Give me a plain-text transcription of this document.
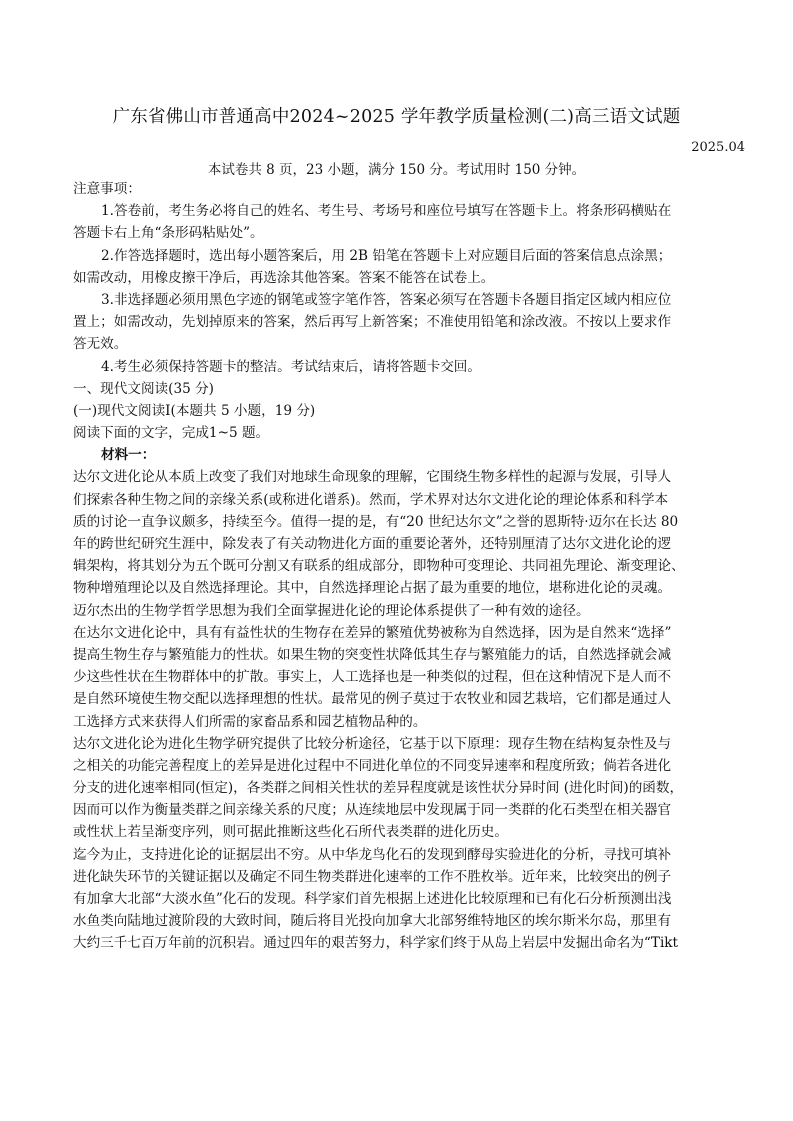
广东省佛山市普通高中2024~2025 学年教学质量检测(二)高三语文试题
2025.04
本试卷共 8 页，23 小题，满分 150 分。考试用时 150 分钟。
注意事项：
1.答卷前，考生务必将自己的姓名、考生号、考场号和座位号填写在答题卡上。将条形码横贴在
答题卡右上角“条形码粘贴处”。
2.作答选择题时，选出每小题答案后，用 2B 铅笔在答题卡上对应题目后面的答案信息点涂黑；
如需改动，用橡皮擦干净后，再选涂其他答案。答案不能答在试卷上。
3.非选择题必须用黑色字迹的钢笔或签字笔作答，答案必须写在答题卡各题目指定区域内相应位
置上；如需改动，先划掉原来的答案，然后再写上新答案；不准使用铅笔和涂改液。不按以上要求作
答无效。
4.考生必须保持答题卡的整洁。考试结束后，请将答题卡交回。
一、现代文阅读(35 分)
(一)现代文阅读Ⅰ(本题共 5 小题，19 分)
阅读下面的文字，完成1~5 题。
材料一：
达尔文进化论从本质上改变了我们对地球生命现象的理解，它围绕生物多样性的起源与发展，引导人
们探索各种生物之间的亲缘关系(或称进化谱系)。然而，学术界对达尔文进化论的理论体系和科学本
质的讨论一直争议颇多，持续至今。值得一提的是，有“20 世纪达尔文”之誉的恩斯特·迈尔在长达 80
年的跨世纪研究生涯中，除发表了有关动物进化方面的重要论著外，还特别厘清了达尔文进化论的逻
辑架构，将其划分为五个既可分割又有联系的组成部分，即物种可变理论、共同祖先理论、渐变理论、
物种增殖理论以及自然选择理论。其中，自然选择理论占据了最为重要的地位，堪称进化论的灵魂。
迈尔杰出的生物学哲学思想为我们全面掌握进化论的理论体系提供了一种有效的途径。
在达尔文进化论中，具有有益性状的生物存在差异的繁殖优势被称为自然选择，因为是自然来“选择”
提高生物生存与繁殖能力的性状。如果生物的突变性状降低其生存与繁殖能力的话，自然选择就会减
少这些性状在生物群体中的扩散。事实上，人工选择也是一种类似的过程，但在这种情况下是人而不
是自然环境使生物交配以选择理想的性状。最常见的例子莫过于农牧业和园艺栽培，它们都是通过人
工选择方式来获得人们所需的家畜品系和园艺植物品种的。
达尔文进化论为进化生物学研究提供了比较分析途径，它基于以下原理：现存生物在结构复杂性及与
之相关的功能完善程度上的差异是进化过程中不同进化单位的不同变异速率和程度所致；倘若各进化
分支的进化速率相同(恒定)，各类群之间相关性状的差异程度就是该性状分异时间 (进化时间)的函数，
因而可以作为衡量类群之间亲缘关系的尺度；从连续地层中发现属于同一类群的化石类型在相关器官
或性状上若呈渐变序列，则可据此推断这些化石所代表类群的进化历史。
迄今为止，支持进化论的证据层出不穷。从中华龙鸟化石的发现到酵母实验进化的分析，寻找可填补
进化缺失环节的关键证据以及确定不同生物类群进化速率的工作不胜枚举。近年来，比较突出的例子
有加拿大北部“大淡水鱼”化石的发现。科学家们首先根据上述进化比较原理和已有化石分析预测出浅
水鱼类向陆地过渡阶段的大致时间，随后将目光投向加拿大北部努维特地区的埃尔斯米尔岛，那里有
大约三千七百万年前的沉积岩。通过四年的艰苦努力，科学家们终于从岛上岩层中发掘出命名为“Tikt
